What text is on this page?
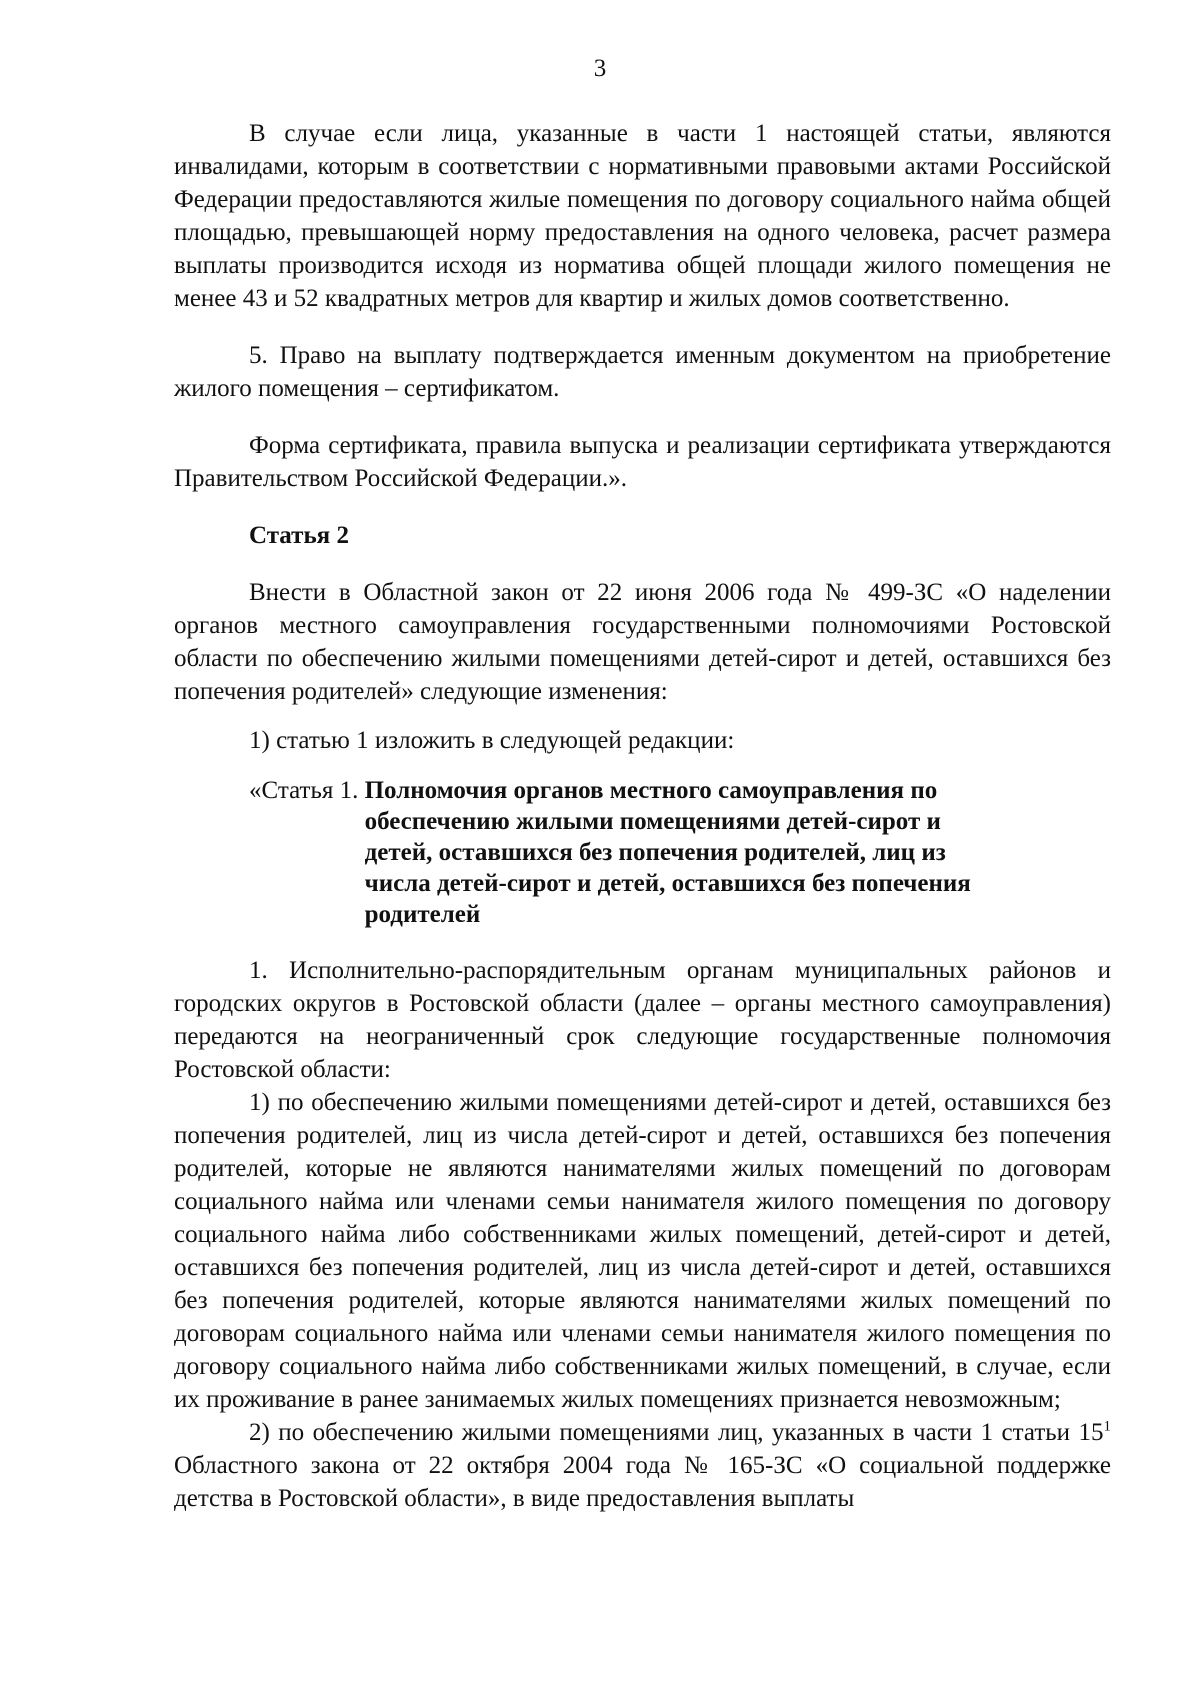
3

В случае если лица, указанные в части 1 настоящей статьи, являются инвалидами, которым в соответствии с нормативными правовыми актами Российской Федерации предоставляются жилые помещения по договору социального найма общей площадью, превышающей норму предоставления на одного человека, расчет размера выплаты производится исходя из норматива общей площади жилого помещения не менее 43 и 52 квадратных метров для квартир и жилых домов соответственно.

5. Право на выплату подтверждается именным документом на приобретение жилого помещения – сертификатом.

Форма сертификата, правила выпуска и реализации сертификата утверждаются Правительством Российской Федерации.».

Статья 2

Внести в Областной закон от 22 июня 2006 года № 499-ЗС «О наделении органов местного самоуправления государственными полномочиями Ростовской области по обеспечению жилыми помещениями детей-сирот и детей, оставшихся без попечения родителей» следующие изменения:

1) статью 1 изложить в следующей редакции:

«Статья 1. Полномочия органов местного самоуправления по обеспечению жилыми помещениями детей-сирот и детей, оставшихся без попечения родителей, лиц из числа детей-сирот и детей, оставшихся без попечения родителей

1. Исполнительно-распорядительным органам муниципальных районов и городских округов в Ростовской области (далее – органы местного самоуправления) передаются на неограниченный срок следующие государственные полномочия Ростовской области:

1) по обеспечению жилыми помещениями детей-сирот и детей, оставшихся без попечения родителей, лиц из числа детей-сирот и детей, оставшихся без попечения родителей, которые не являются нанимателями жилых помещений по договорам социального найма или членами семьи нанимателя жилого помещения по договору социального найма либо собственниками жилых помещений, детей-сирот и детей, оставшихся без попечения родителей, лиц из числа детей-сирот и детей, оставшихся без попечения родителей, которые являются нанимателями жилых помещений по договорам социального найма или членами семьи нанимателя жилого помещения по договору социального найма либо собственниками жилых помещений, в случае, если их проживание в ранее занимаемых жилых помещениях признается невозможным;

2) по обеспечению жилыми помещениями лиц, указанных в части 1 статьи $15^1$ Областного закона от 22 октября 2004 года № 165-ЗС «О социальной поддержке детства в Ростовской области», в виде предоставления выплаты
